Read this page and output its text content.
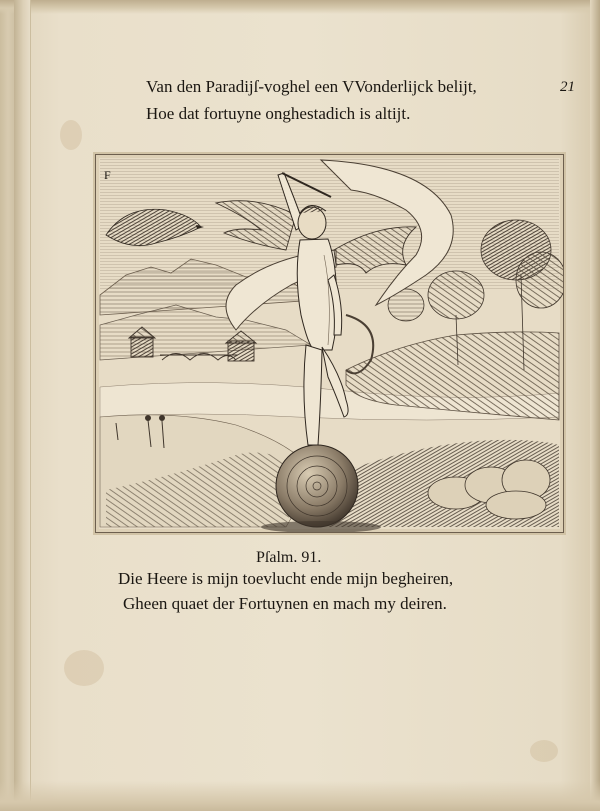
Van den Paradijſ-voghel een VVonderlijck belijt,
Hoe dat fortuyne onghestadich is altijt.
21
F
Pſalm. 91.
Die Heere is mijn toevlucht ende mijn begheiren,
Gheen quaet der Fortuynen en mach my deiren.
